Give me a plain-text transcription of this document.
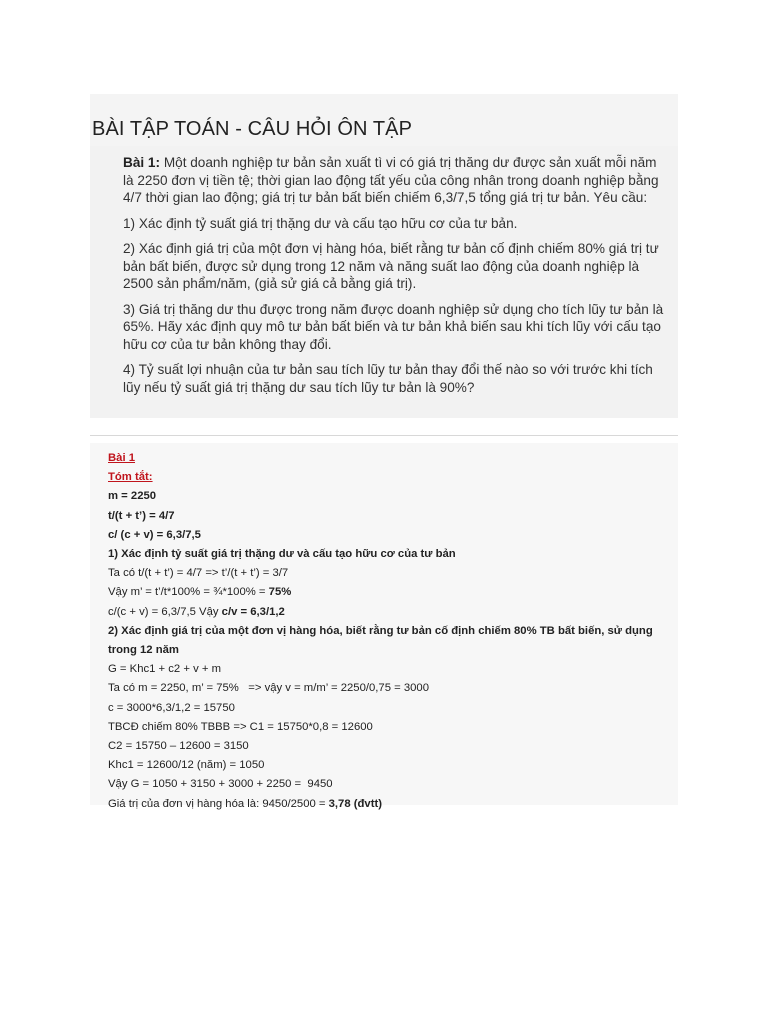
BÀI TẬP TOÁN - CÂU HỎI ÔN TẬP

Bài 1: Một doanh nghiệp tư bản sản xuất tì vi có giá trị thăng dư được sản xuất mỗi năm là 2250 đơn vị tiền tệ; thời gian lao động tất yếu của công nhân trong doanh nghiệp bằng 4/7 thời gian lao động; giá trị tư bản bất biến chiếm 6,3/7,5 tổng giá trị tư bản. Yêu cầu:

1) Xác định tỷ suất giá trị thặng dư và cấu tạo hữu cơ của tư bản.

2) Xác định giá trị của một đơn vị hàng hóa, biết rằng tư bản cố định chiếm 80% giá trị tư bản bất biến, được sử dụng trong 12 năm và năng suất lao động của doanh nghiệp là 2500 sản phẩm/năm, (giả sử giá cả bằng giá trị).

3) Giá trị thăng dư thu được trong năm được doanh nghiệp sử dụng cho tích lũy tư bản là 65%. Hãy xác định quy mô tư bản bất biến và tư bản khả biến sau khi tích lũy với cấu tạo hữu cơ của tư bản không thay đổi.

4) Tỷ suất lợi nhuận của tư bản sau tích lũy tư bản thay đổi thế nào so với trước khi tích lũy nếu tỷ suất giá trị thặng dư sau tích lũy tư bản là 90%?

Bài 1
Tóm tắt:
m = 2250
t/(t + t’) = 4/7
c/ (c + v) = 6,3/7,5
1) Xác định tỷ suất giá trị thặng dư và cấu tạo hữu cơ của tư bản
Ta có t/(t + t’) = 4/7 => t’/(t + t’) = 3/7
Vậy m’ = t’/t*100% = ¾*100% = 75%
c/(c + v) = 6,3/7,5 Vậy c/v = 6,3/1,2
2) Xác định giá trị của một đơn vị hàng hóa, biết rằng tư bản cố định chiếm 80% TB bất biến, sử dụng trong 12 năm
G = Khc1 + c2 + v + m
Ta có m = 2250, m’ = 75%   => vậy v = m/m’ = 2250/0,75 = 3000
c = 3000*6,3/1,2 = 15750
TBCĐ chiếm 80% TBBB => C1 = 15750*0,8 = 12600
C2 = 15750 – 12600 = 3150
Khc1 = 12600/12 (năm) = 1050
Vậy G = 1050 + 3150 + 3000 + 2250 =  9450
Giá trị của đơn vị hàng hóa là: 9450/2500 = 3,78 (đvtt)
